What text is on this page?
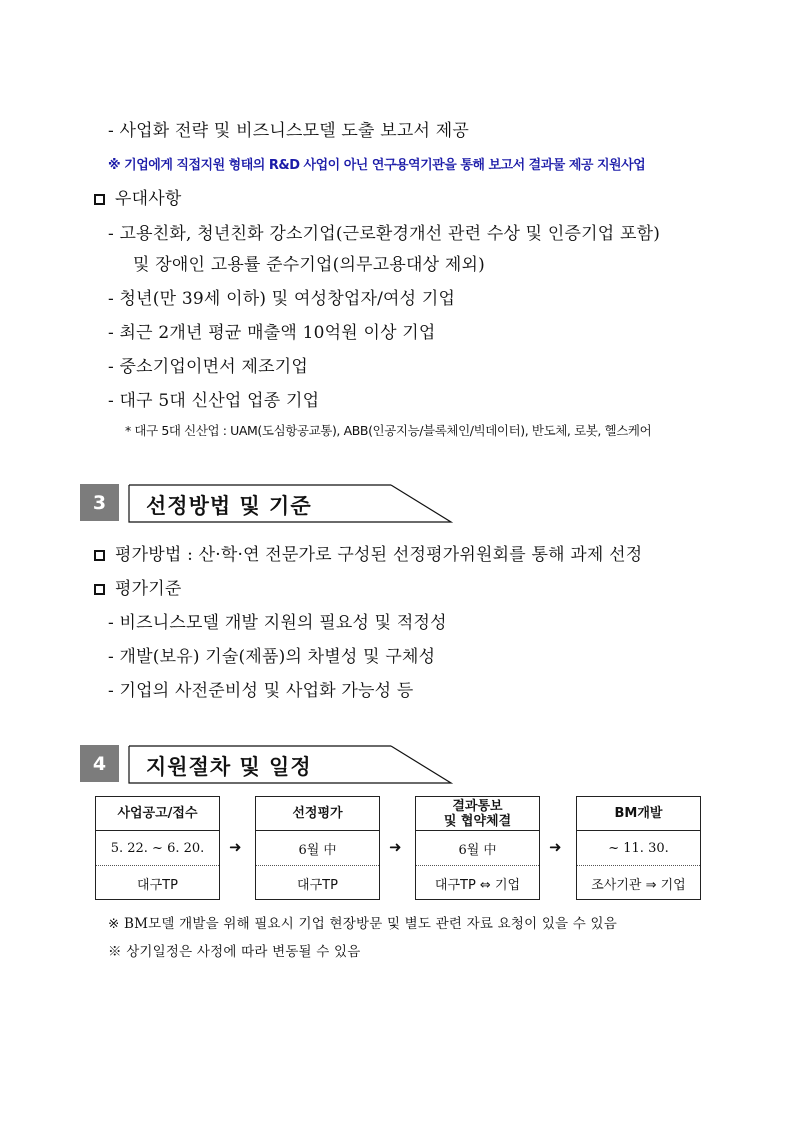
- 사업화 전략 및 비즈니스모델 도출 보고서 제공
※ 기업에게 직접지원 형태의 R&D 사업이 아닌 연구용역기관을 통해 보고서 결과물 제공 지원사업
우대사항
- 고용친화, 청년친화 강소기업(근로환경개선 관련 수상 및 인증기업 포함)
및 장애인 고용률 준수기업(의무고용대상 제외)
- 청년(만 39세 이하) 및 여성창업자/여성 기업
- 최근 2개년 평균 매출액 10억원 이상 기업
- 중소기업이면서 제조기업
- 대구 5대 신산업 업종 기업
* 대구 5대 신산업 : UAM(도심항공교통), ABB(인공지능/블록체인/빅데이터), 반도체, 로봇, 헬스케어
3	선정방법 및 기준
평가방법 : 산·학·연 전문가로 구성된 선정평가위원회를 통해 과제 선정
평가기준
- 비즈니스모델 개발 지원의 필요성 및 적정성
- 개발(보유) 기술(제품)의 차별성 및 구체성
- 기업의 사전준비성 및 사업화 가능성 등
4	지원절차 및 일정
사업공고/접수
5. 22. ~ 6. 20.
대구TP
➜
선정평가
6월 中
대구TP
➜
결과통보
및 협약체결
6월 中
대구TP ⇔ 기업
➜
BM개발
~ 11. 30.
조사기관 ⇒ 기업
※ BM모델 개발을 위해 필요시 기업 현장방문 및 별도 관련 자료 요청이 있을 수 있음
※ 상기일정은 사정에 따라 변동될 수 있음
